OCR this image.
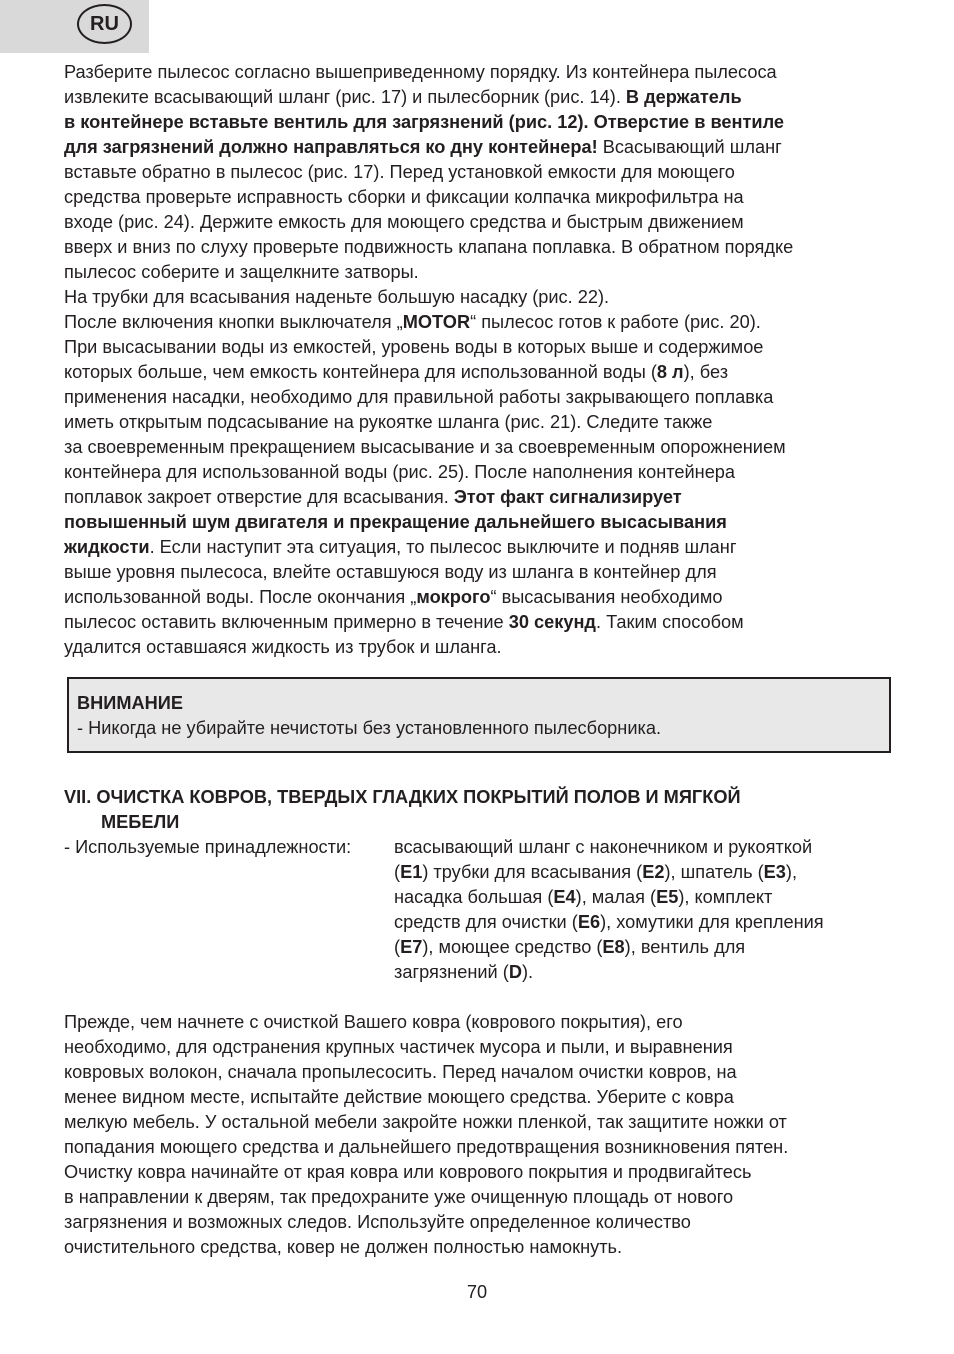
RU

Разберите пылесос согласно вышеприведенному порядку. Из контейнера пылесоса

извлеките всасывающий шланг (рис. 17) и пылесборник (рис. 14). В держатель

в контейнере вставьте вентиль для загрязнений (рис. 12). Отверстие в вентиле

для загрязнений должно направляться ко дну контейнера! Всасывающий шланг

вставьте обратно в пылесос (рис. 17). Перед установкой емкости для моющего

средства проверьте исправность сборки и фиксации колпачка микрофильтра на

входе (рис. 24). Держите емкость для моющего средства и быстрым движением

вверх и вниз по слуху проверьте подвижность клапана поплавка. В обратном порядке

пылесос соберите и защелкните затворы.

На трубки для всасывания наденьте большую насадку (рис. 22).

После включения кнопки выключателя „MOTOR“ пылесос готов к работе (рис. 20).

При высасывании воды из емкостей, уровень воды в которых выше и содержимое

которых больше, чем емкость контейнера для использованной воды (8 л), без

применения насадки, необходимо для правильной работы закрывающего поплавка

иметь открытым подсасывание на рукоятке шланга (рис. 21). Следите также

за своевременным прекращением высасывание и за своевременным опорожнением

контейнера для использованной воды (рис. 25). После наполнения контейнера

поплавок закроет отверстие для всасывания. Этот факт сигнализирует

повышенный шум двигателя и прекращение дальнейшего высасывания

жидкости. Если наступит эта ситуация, то пылесос выключите и подняв шланг

выше уровня пылесоса, влейте оставшуюся воду из шланга в контейнер для

использованной воды. После окончания „мокрого“ высасывания необходимо

пылесос оставить включенным примерно в течение 30 секунд. Таким способом

удалится оставшаяся жидкость из трубок и шланга.

ВНИМАНИЕ
- Никогда не убирайте нечистоты без установленного пылесборника.
VII. ОЧИСТКА КОВРОВ, ТВЕРДЫХ ГЛАДКИХ ПОКРЫТИЙ ПОЛОВ И МЯГКОЙ
МЕБЕЛИ
- Используемые принадлежности: всасывающий шланг с наконечником и рукояткой
(E1) трубки для всасывания (E2), шпатель (E3),
насадка большая (E4), малая (E5), комплект
средств для очистки (E6), хомутики для крепления
(E7), моющее средство (E8), вентиль для
загрязнений (D).
Прежде, чем начнете с очисткой Вашего ковра (коврового покрытия), его
необходимо, для одстранения крупных частичек мусора и пыли, и выравнения
ковровых волокон, сначала пропылесосить. Перед началом очистки ковров, на
менее видном месте, испытайте действие моющего средства. Уберите с ковра
мелкую мебель. У остальной мебели закройте ножки пленкой, так защитите ножки от
попадания моющего средства и дальнейшего предотвращения возникновения пятен.
Очистку ковра начинайте от края ковра или коврового покрытия и продвигайтесь
в направлении к дверям, так предохраните уже очищенную площадь от нового
загрязнения и возможных следов. Используйте определенное количество
очистительного средства, ковер не должен полностью намокнуть.
70
